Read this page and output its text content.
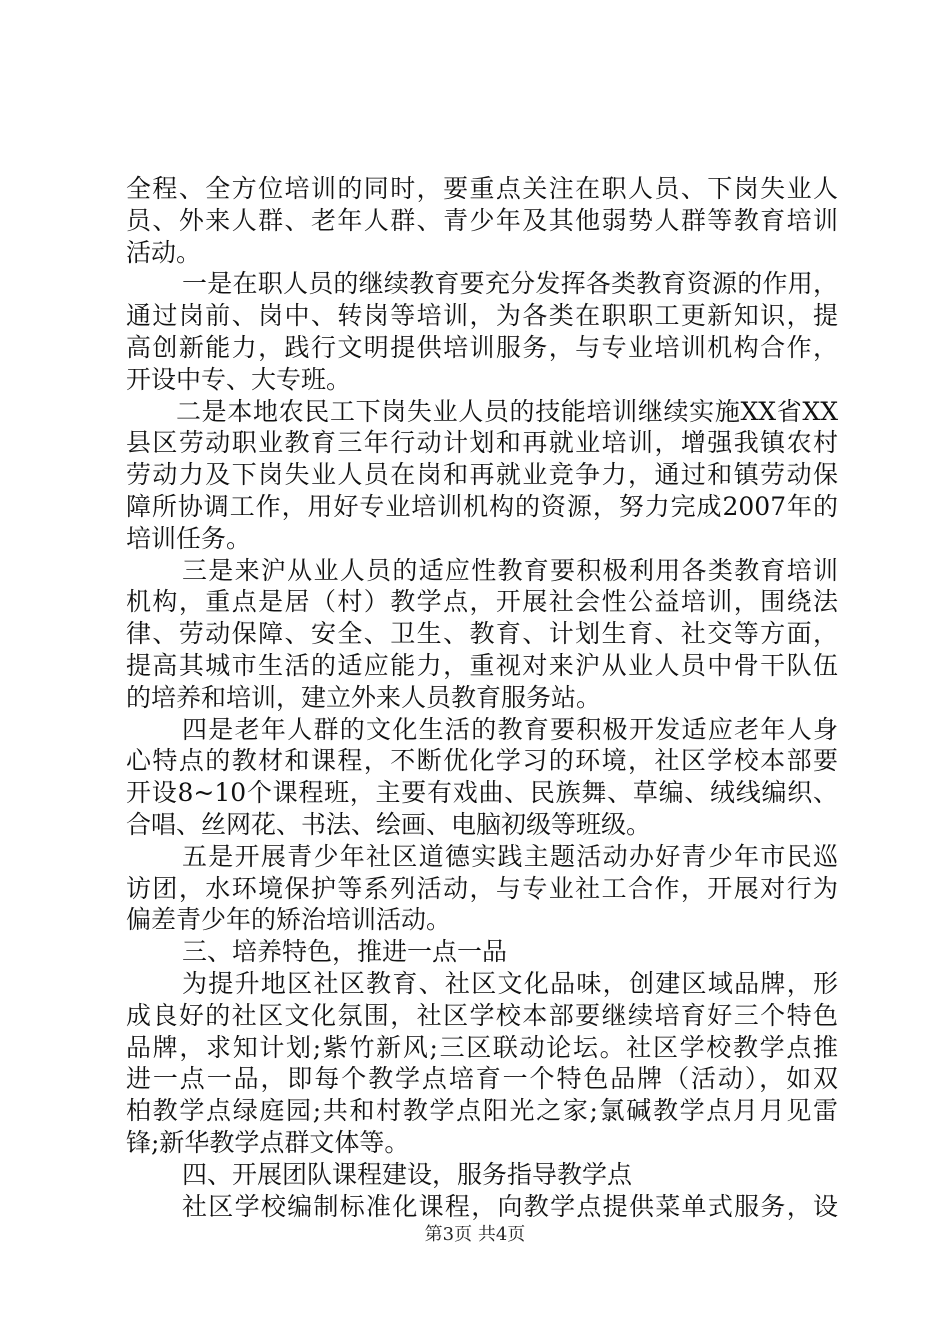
全程、全方位培训的同时，要重点关注在职人员、下岗失业人
员、外来人群、老年人群、青少年及其他弱势人群等教育培训
活动。
一是在职人员的继续教育要充分发挥各类教育资源的作用，
通过岗前、岗中、转岗等培训，为各类在职职工更新知识，提
高创新能力，践行文明提供培训服务，与专业培训机构合作，
开设中专、大专班。
二是本地农民工下岗失业人员的技能培训继续实施XX省XX
县区劳动职业教育三年行动计划和再就业培训，增强我镇农村
劳动力及下岗失业人员在岗和再就业竞争力，通过和镇劳动保
障所协调工作，用好专业培训机构的资源，努力完成2007年的
培训任务。
三是来沪从业人员的适应性教育要积极利用各类教育培训
机构，重点是居（村）教学点，开展社会性公益培训，围绕法
律、劳动保障、安全、卫生、教育、计划生育、社交等方面，
提高其城市生活的适应能力，重视对来沪从业人员中骨干队伍
的培养和培训，建立外来人员教育服务站。
四是老年人群的文化生活的教育要积极开发适应老年人身
心特点的教材和课程，不断优化学习的环境，社区学校本部要
开设8~10个课程班，主要有戏曲、民族舞、草编、绒线编织、
合唱、丝网花、书法、绘画、电脑初级等班级。
五是开展青少年社区道德实践主题活动办好青少年市民巡
访团，水环境保护等系列活动，与专业社工合作，开展对行为
偏差青少年的矫治培训活动。
三、培养特色，推进一点一品
为提升地区社区教育、社区文化品味，创建区域品牌，形
成良好的社区文化氛围，社区学校本部要继续培育好三个特色
品牌，求知计划;紫竹新风;三区联动论坛。社区学校教学点推
进一点一品，即每个教学点培育一个特色品牌（活动），如双
柏教学点绿庭园;共和村教学点阳光之家;氯碱教学点月月见雷
锋;新华教学点群文体等。
四、开展团队课程建设，服务指导教学点
社区学校编制标准化课程，向教学点提供菜单式服务，设
第3页 共4页
